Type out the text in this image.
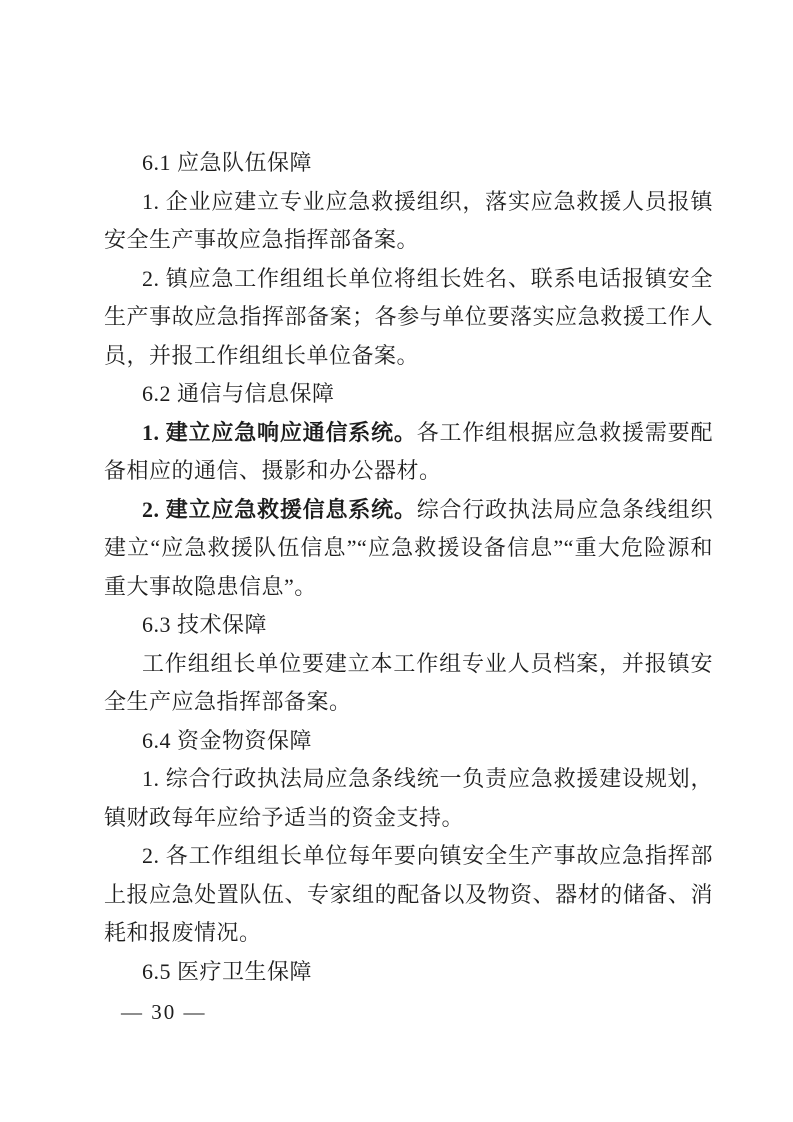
6.1 应急队伍保障

1. 企业应建立专业应急救援组织，落实应急救援人员报镇安全生产事故应急指挥部备案。

2. 镇应急工作组组长单位将组长姓名、联系电话报镇安全生产事故应急指挥部备案；各参与单位要落实应急救援工作人员，并报工作组组长单位备案。

6.2 通信与信息保障

1. 建立应急响应通信系统。各工作组根据应急救援需要配备相应的通信、摄影和办公器材。

2. 建立应急救援信息系统。综合行政执法局应急条线组织建立“应急救援队伍信息”“应急救援设备信息”“重大危险源和重大事故隐患信息”。

6.3 技术保障

工作组组长单位要建立本工作组专业人员档案，并报镇安全生产应急指挥部备案。

6.4 资金物资保障

1. 综合行政执法局应急条线统一负责应急救援建设规划，镇财政每年应给予适当的资金支持。

2. 各工作组组长单位每年要向镇安全生产事故应急指挥部上报应急处置队伍、专家组的配备以及物资、器材的储备、消耗和报废情况。

6.5 医疗卫生保障

— 30 —
